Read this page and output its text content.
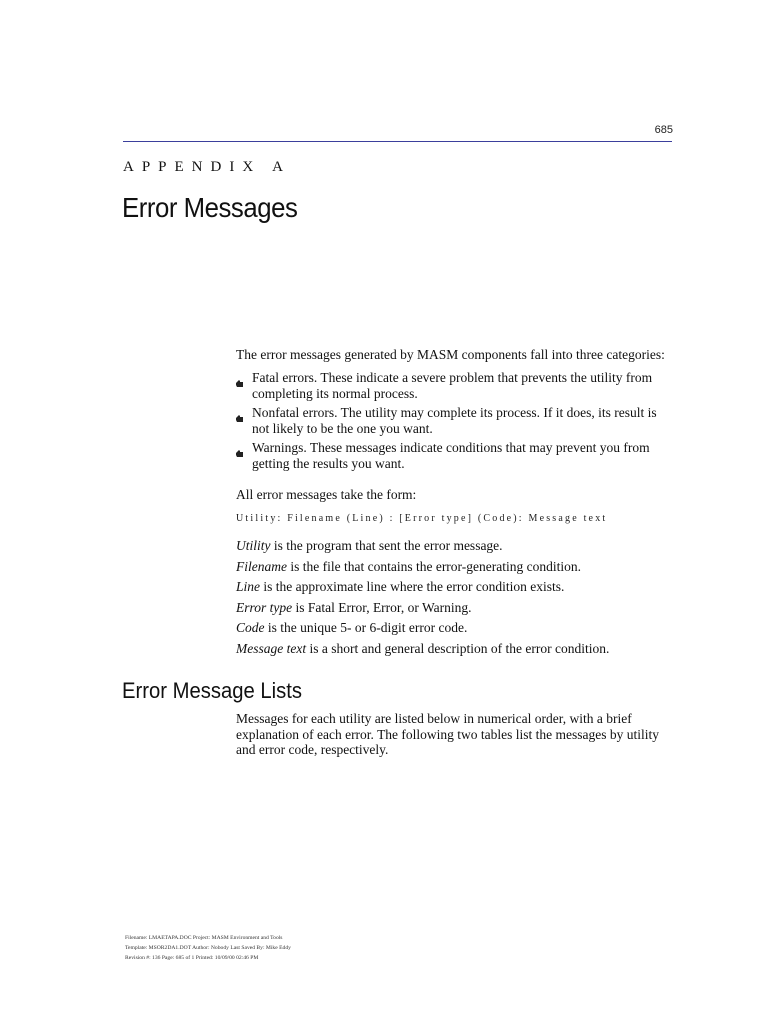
685
APPENDIX A
Error Messages
The error messages generated by MASM components fall into three categories:
Fatal errors. These indicate a severe problem that prevents the utility from completing its normal process.
Nonfatal errors. The utility may complete its process. If it does, its result is not likely to be the one you want.
Warnings. These messages indicate conditions that may prevent you from getting the results you want.
All error messages take the form:
Utility: Filename (Line) : [Error type] (Code): Message text
Utility is the program that sent the error message.
Filename is the file that contains the error-generating condition.
Line is the approximate line where the error condition exists.
Error type is Fatal Error, Error, or Warning.
Code is the unique 5- or 6-digit error code.
Message text is a short and general description of the error condition.
Error Message Lists
Messages for each utility are listed below in numerical order, with a brief explanation of each error. The following two tables list the messages by utility and error code, respectively.
Filename: LMAETAPA.DOC Project: MASM Environment and Tools
Template: MSOR2DA1.DOT Author: Nobody Last Saved By: Mike Eddy
Revision #: 136 Page: 685 of 1 Printed: 10/09/00 02:46 PM
